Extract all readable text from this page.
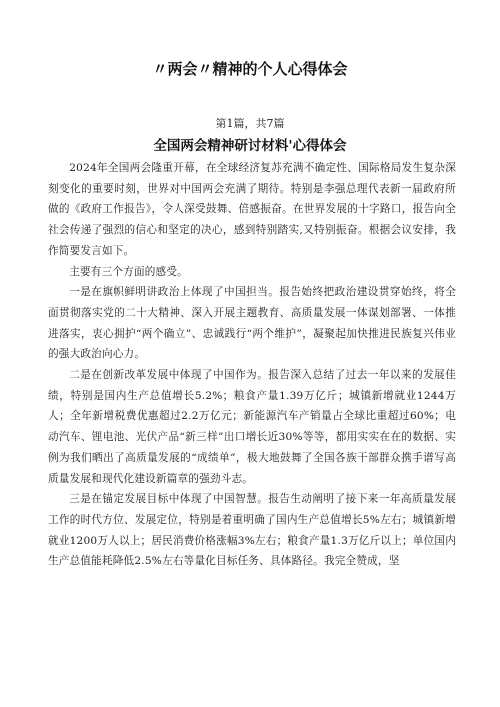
〃两会〃精神的个人心得体会
第1篇，共7篇
全国两会精神研讨材料'心得体会

2024年全国两会隆重开幕，在全球经济复苏充满不确定性、国际格局发生复杂深刻变化的重要时刻，世界对中国两会充满了期待。特别是李强总理代表新一届政府所做的《政府工作报告》，令人深受鼓舞、倍感振奋。在世界发展的十字路口，报告向全社会传递了强烈的信心和坚定的决心，感到特别踏实,又特别振奋。根据会议安排，我作简要发言如下。

主要有三个方面的感受。

一是在旗帜鲜明讲政治上体现了中国担当。报告始终把政治建设贯穿始终，将全面贯彻落实党的二十大精神、深入开展主题教育、高质量发展一体谋划部署、一体推进落实，衷心拥护“两个确立”、忠诚践行“两个维护”，凝聚起加快推进民族复兴伟业的强大政治向心力。

二是在创新改革发展中体现了中国作为。报告深入总结了过去一年以来的发展佳绩，特别是国内生产总值增长5.2%；粮食产量1.39万亿斤；城镇新增就业1244万人；全年新增税费优惠超过2.2万亿元；新能源汽车产销量占全球比重超过60%；电动汽车、锂电池、光伏产品“新三样”出口增长近30%等等，都用实实在在的数据、实例为我们晒出了高质量发展的“成绩单”，极大地鼓舞了全国各族干部群众携手谱写高质量发展和现代化建设新篇章的强劲斗志。

三是在锚定发展目标中体现了中国智慧。报告生动阐明了接下来一年高质量发展工作的时代方位、发展定位，特别是着重明确了国内生产总值增长5%左右；城镇新增就业1200万人以上；居民消费价格涨幅3%左右；粮食产量1.3万亿斤以上；单位国内生产总值能耗降低2.5%左右等量化目标任务、具体路径。我完全赞成，坚
